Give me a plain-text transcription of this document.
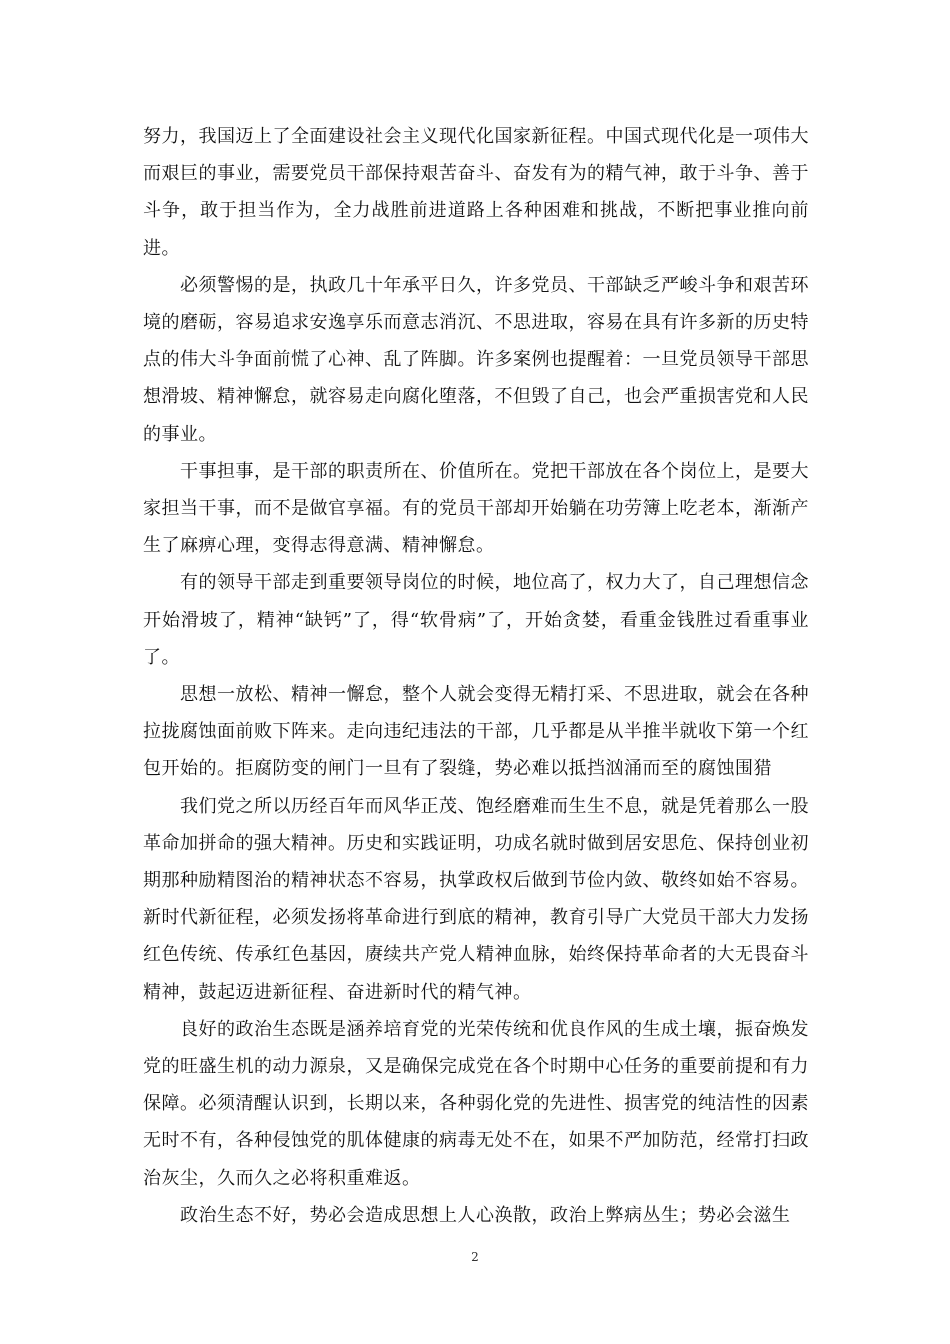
努力，我国迈上了全面建设社会主义现代化国家新征程。中国式现代化是一项伟大而艰巨的事业，需要党员干部保持艰苦奋斗、奋发有为的精气神，敢于斗争、善于斗争，敢于担当作为，全力战胜前进道路上各种困难和挑战，不断把事业推向前进。

必须警惕的是，执政几十年承平日久，许多党员、干部缺乏严峻斗争和艰苦环境的磨砺，容易追求安逸享乐而意志消沉、不思进取，容易在具有许多新的历史特点的伟大斗争面前慌了心神、乱了阵脚。许多案例也提醒着：一旦党员领导干部思想滑坡、精神懈怠，就容易走向腐化堕落，不但毁了自己，也会严重损害党和人民的事业。

干事担事，是干部的职责所在、价值所在。党把干部放在各个岗位上，是要大家担当干事，而不是做官享福。有的党员干部却开始躺在功劳簿上吃老本，渐渐产生了麻痹心理，变得志得意满、精神懈怠。

有的领导干部走到重要领导岗位的时候，地位高了，权力大了，自己理想信念开始滑坡了，精神“缺钙”了，得“软骨病”了，开始贪婪，看重金钱胜过看重事业了。

思想一放松、精神一懈怠，整个人就会变得无精打采、不思进取，就会在各种拉拢腐蚀面前败下阵来。走向违纪违法的干部，几乎都是从半推半就收下第一个红包开始的。拒腐防变的闸门一旦有了裂缝，势必难以抵挡汹涌而至的腐蚀围猎

我们党之所以历经百年而风华正茂、饱经磨难而生生不息，就是凭着那么一股革命加拼命的强大精神。历史和实践证明，功成名就时做到居安思危、保持创业初期那种励精图治的精神状态不容易，执掌政权后做到节俭内敛、敬终如始不容易。新时代新征程，必须发扬将革命进行到底的精神，教育引导广大党员干部大力发扬红色传统、传承红色基因，赓续共产党人精神血脉，始终保持革命者的大无畏奋斗精神，鼓起迈进新征程、奋进新时代的精气神。

良好的政治生态既是涵养培育党的光荣传统和优良作风的生成土壤，振奋焕发党的旺盛生机的动力源泉，又是确保完成党在各个时期中心任务的重要前提和有力保障。必须清醒认识到，长期以来，各种弱化党的先进性、损害党的纯洁性的因素无时不有，各种侵蚀党的肌体健康的病毒无处不在，如果不严加防范，经常打扫政治灰尘，久而久之必将积重难返。

政治生态不好，势必会造成思想上人心涣散，政治上弊病丛生；势必会滋生

2
